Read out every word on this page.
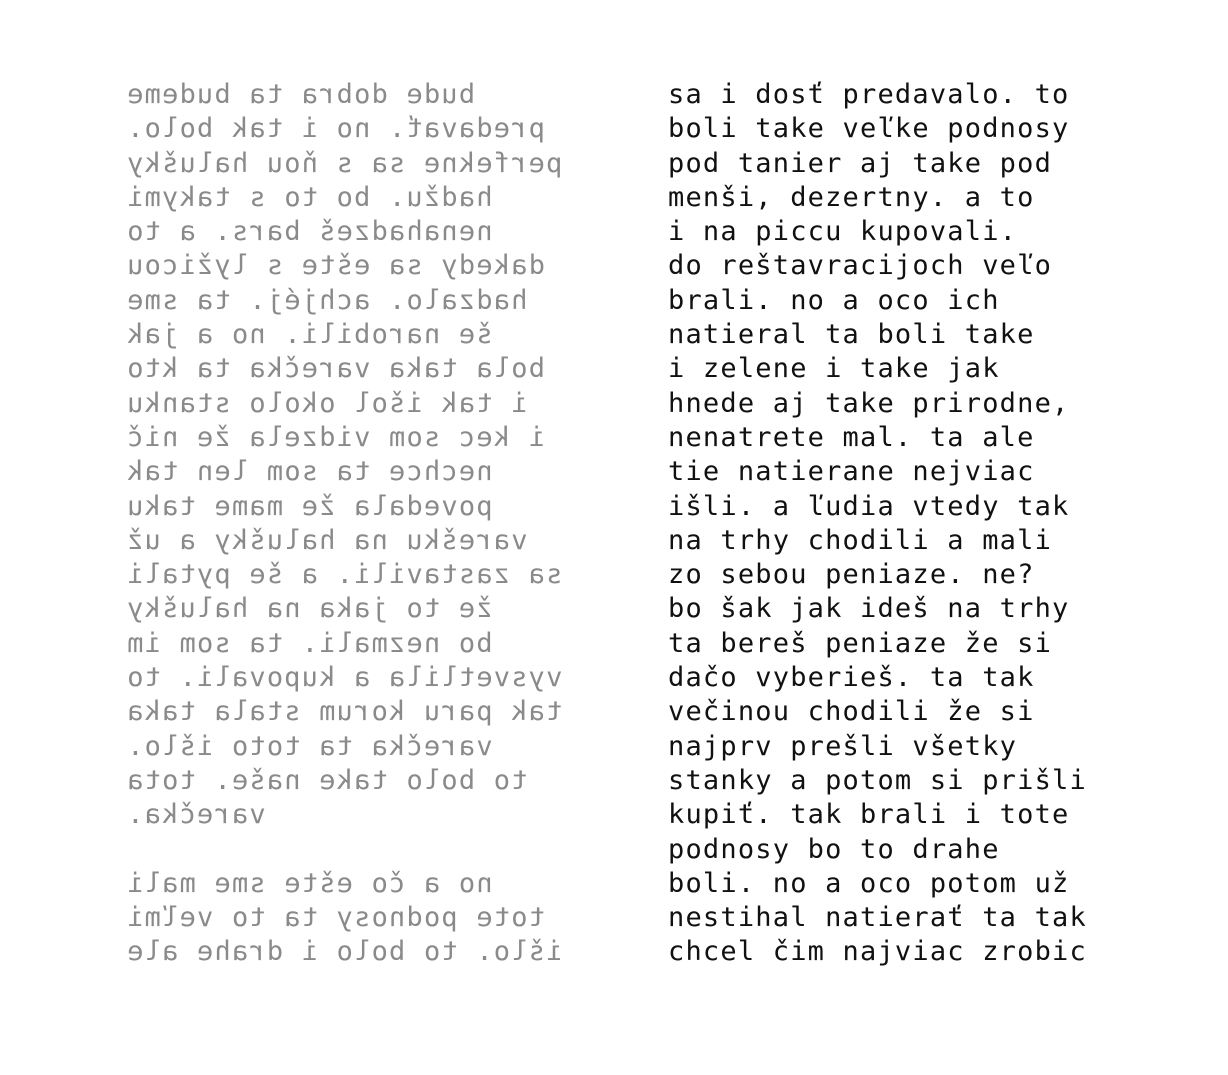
bude dobra ta budeme
predavať. no i tak bolo.
perfekne sa s ňou halušky
hadžu. bo to s takymi
nenahadzeš bars. a to
dakedy sa ešte s lyžicou
hadzalo. achjéj. ta sme
še narobili. no a jak
bola taka varečka ta kto
i tak išol okolo stanku
i kec som vidzela že nič
nechce ta som len tak
povedala že mame taku
varešku na halušky a už
sa zastavili. a še pytali
že to jaka na halušky
bo nezmali. ta som im
vysvetlila a kupovali. to
tak paru korum stala taka
varečka ta toto išlo.
to bolo take naše. tota
varečka.
no a čo ešte sme mali
tote podnosy ta to veľmi
išlo. to bolo i drahe ale
sa i dosť predavalo. to
boli take veľke podnosy
pod tanier aj take pod
menši, dezertny. a to
i na piccu kupovali.
do reštavracijoch veľo
brali. no a oco ich
natieral ta boli take
i zelene i take jak
hnede aj take prirodne,
nenatrete mal. ta ale
tie natierane nejviac
išli. a ľudia vtedy tak
na trhy chodili a mali
zo sebou peniaze. ne?
bo šak jak ideš na trhy
ta bereš peniaze že si
dačo vyberieš. ta tak
večinou chodili že si
najprv prešli všetky
stanky a potom si prišli
kupiť. tak brali i tote
podnosy bo to drahe
boli. no a oco potom už
nestihal natierať ta tak
chcel čim najviac zrobic
